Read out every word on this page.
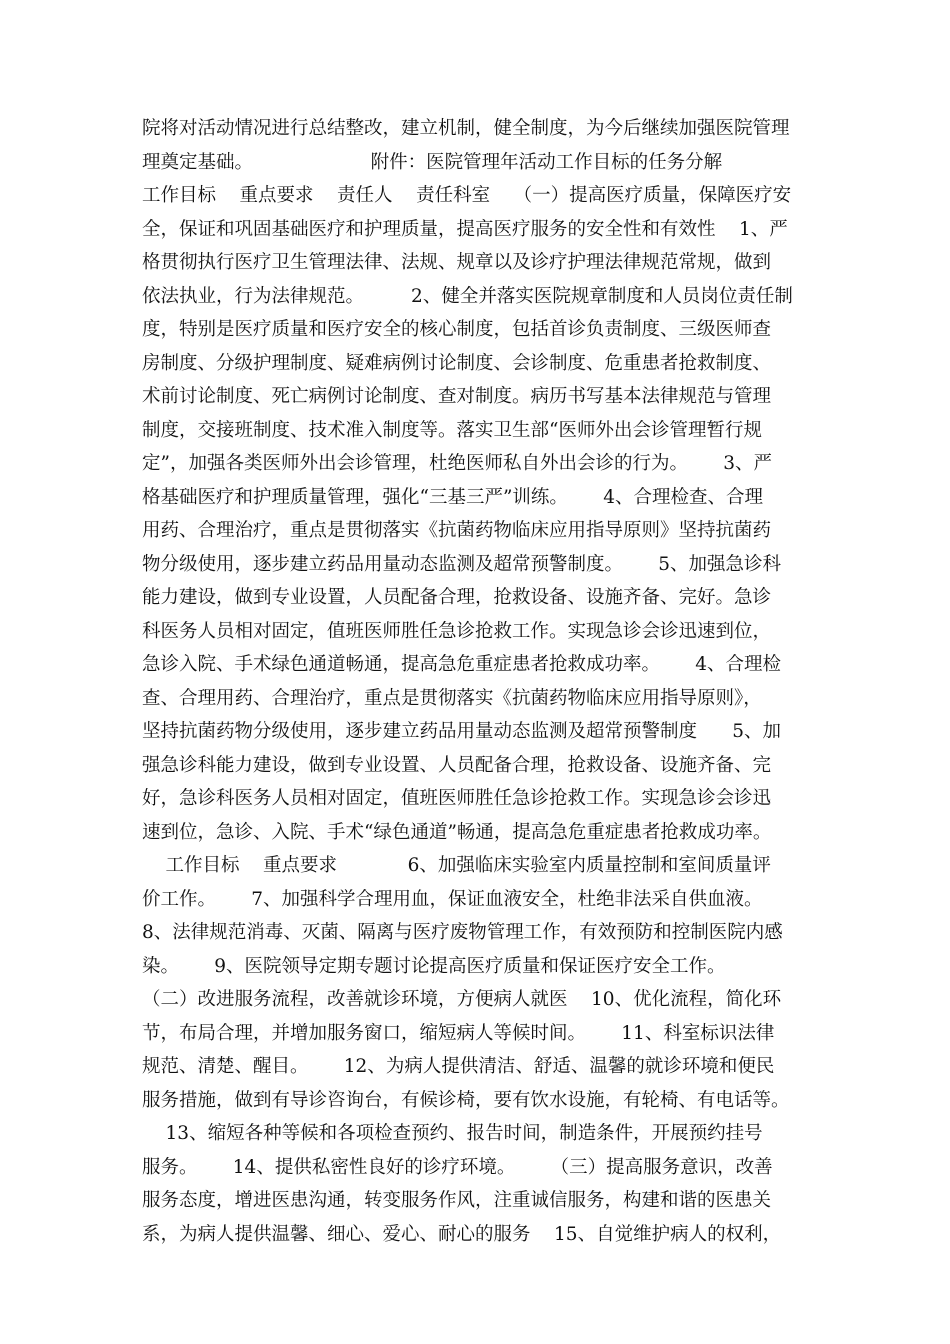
院将对活动情况进行总结整改，建立机制，健全制度，为今后继续加强医院管理
理奠定基础。                    附件：医院管理年活动工作目标的任务分解
工作目标    重点要求    责任人    责任科室    （一）提高医疗质量，保障医疗安
全，保证和巩固基础医疗和护理质量，提高医疗服务的安全性和有效性    1、严
格贯彻执行医疗卫生管理法律、法规、规章以及诊疗护理法律规范常规，做到
依法执业，行为法律规范。        2、健全并落实医院规章制度和人员岗位责任制
度，特别是医疗质量和医疗安全的核心制度，包括首诊负责制度、三级医师查
房制度、分级护理制度、疑难病例讨论制度、会诊制度、危重患者抢救制度、
术前讨论制度、死亡病例讨论制度、查对制度。病历书写基本法律规范与管理
制度，交接班制度、技术准入制度等。落实卫生部“医师外出会诊管理暂行规
定”，加强各类医师外出会诊管理，杜绝医师私自外出会诊的行为。      3、严
格基础医疗和护理质量管理，强化“三基三严”训练。      4、合理检查、合理
用药、合理治疗，重点是贯彻落实《抗菌药物临床应用指导原则》坚持抗菌药
物分级使用，逐步建立药品用量动态监测及超常预警制度。      5、加强急诊科
能力建设，做到专业设置，人员配备合理，抢救设备、设施齐备、完好。急诊
科医务人员相对固定，值班医师胜任急诊抢救工作。实现急诊会诊迅速到位，
急诊入院、手术绿色通道畅通，提高急危重症患者抢救成功率。      4、合理检
查、合理用药、合理治疗，重点是贯彻落实《抗菌药物临床应用指导原则》，
坚持抗菌药物分级使用，逐步建立药品用量动态监测及超常预警制度      5、加
强急诊科能力建设，做到专业设置、人员配备合理，抢救设备、设施齐备、完
好，急诊科医务人员相对固定，值班医师胜任急诊抢救工作。实现急诊会诊迅
速到位，急诊、入院、手术“绿色通道”畅通，提高急危重症患者抢救成功率。
工作目标    重点要求            6、加强临床实验室内质量控制和室间质量评
价工作。      7、加强科学合理用血，保证血液安全，杜绝非法采自供血液。
8、法律规范消毒、灭菌、隔离与医疗废物管理工作，有效预防和控制医院内感
染。      9、医院领导定期专题讨论提高医疗质量和保证医疗安全工作。
（二）改进服务流程，改善就诊环境，方便病人就医    10、优化流程，简化环
节，布局合理，并增加服务窗口，缩短病人等候时间。      11、科室标识法律
规范、清楚、醒目。      12、为病人提供清洁、舒适、温馨的就诊环境和便民
服务措施，做到有导诊咨询台，有候诊椅，要有饮水设施，有轮椅、有电话等。
13、缩短各种等候和各项检查预约、报告时间，制造条件，开展预约挂号
服务。      14、提供私密性良好的诊疗环境。      （三）提高服务意识，改善
服务态度，增进医患沟通，转变服务作风，注重诚信服务，构建和谐的医患关
系，为病人提供温馨、细心、爱心、耐心的服务    15、自觉维护病人的权利，
